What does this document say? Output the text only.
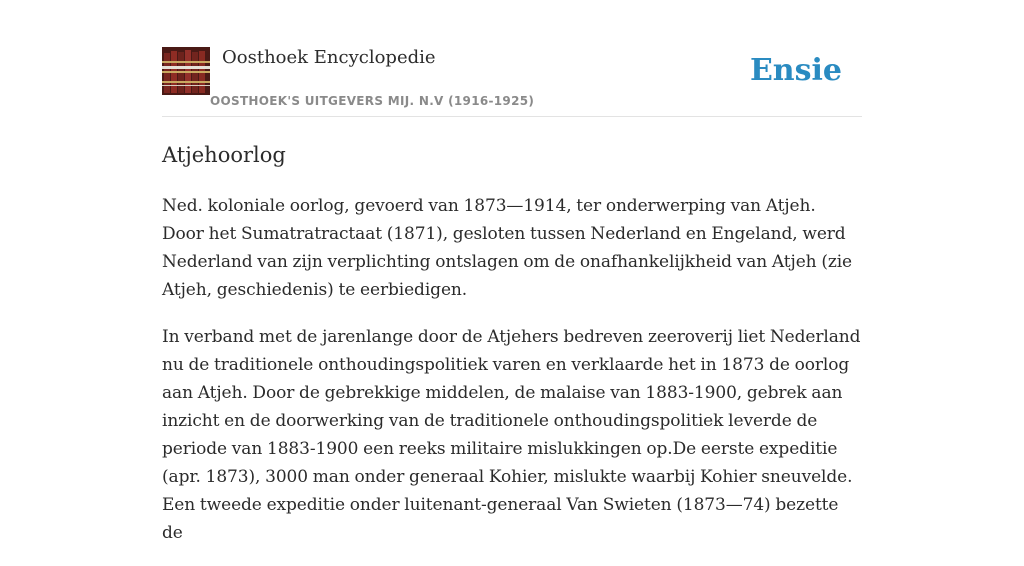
Oosthoek Encyclopedie
OOSTHOEK'S UITGEVERS MIJ. N.V (1916-1925)
Ensie
Atjehoorlog

Ned. koloniale oorlog, gevoerd van 1873—1914, ter onderwerping van Atjeh. Door het Sumatratractaat (1871), gesloten tussen Nederland en Engeland, werd Nederland van zijn verplichting ontslagen om de onafhankelijkheid van Atjeh (zie Atjeh, geschiedenis) te eerbiedigen.

In verband met de jarenlange door de Atjehers bedreven zeeroverij liet Nederland nu de traditionele onthoudingspolitiek varen en verklaarde het in 1873 de oorlog aan Atjeh. Door de gebrekkige middelen, de malaise van 1883-1900, gebrek aan inzicht en de doorwerking van de traditionele onthoudingspolitiek leverde de periode van 1883-1900 een reeks militaire mislukkingen op.De eerste expeditie (apr. 1873), 3000 man onder generaal Kohier, mislukte waarbij Kohier sneuvelde. Een tweede expeditie onder luitenant-generaal Van Swieten (1873—74) bezette de
